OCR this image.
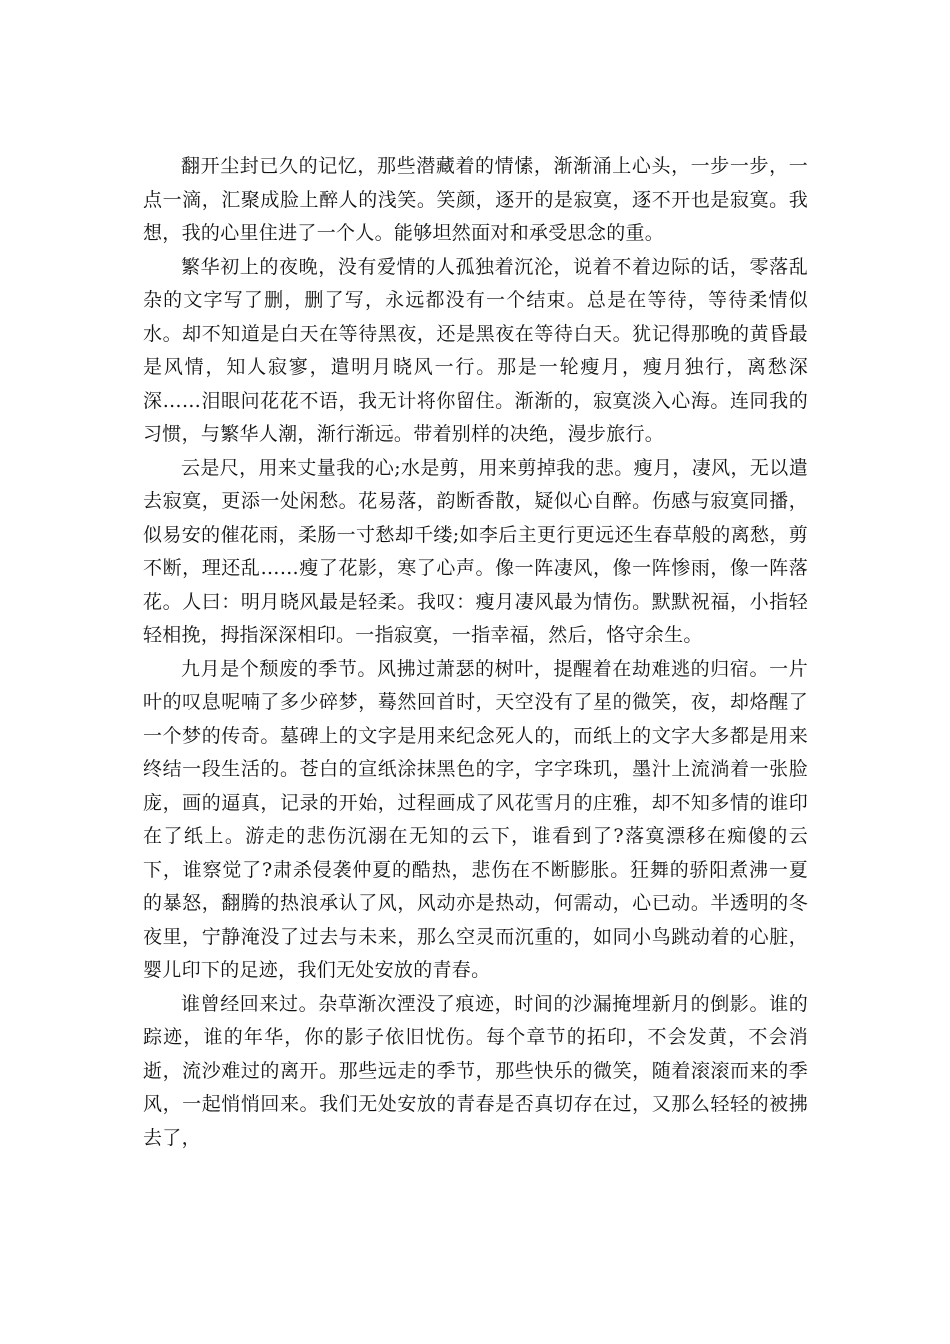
翻开尘封已久的记忆，那些潜藏着的情愫，渐渐涌上心头，一步一步，一点一滴，汇聚成脸上醉人的浅笑。笑颜，逐开的是寂寞，逐不开也是寂寞。我想，我的心里住进了一个人。能够坦然面对和承受思念的重。

繁华初上的夜晚，没有爱情的人孤独着沉沦，说着不着边际的话，零落乱杂的文字写了删，删了写，永远都没有一个结束。总是在等待，等待柔情似水。却不知道是白天在等待黑夜，还是黑夜在等待白天。犹记得那晚的黄昏最是风情，知人寂寥，遣明月晓风一行。那是一轮瘦月，瘦月独行，离愁深深……泪眼问花花不语，我无计将你留住。渐渐的，寂寞淡入心海。连同我的习惯，与繁华人潮，渐行渐远。带着别样的决绝，漫步旅行。

云是尺，用来丈量我的心;水是剪，用来剪掉我的悲。瘦月，凄风，无以遣去寂寞，更添一处闲愁。花易落，韵断香散，疑似心自醉。伤感与寂寞同播，似易安的催花雨，柔肠一寸愁却千缕;如李后主更行更远还生春草般的离愁，剪不断，理还乱……瘦了花影，寒了心声。像一阵凄风，像一阵惨雨，像一阵落花。人曰：明月晓风最是轻柔。我叹：瘦月凄风最为情伤。默默祝福，小指轻轻相挽，拇指深深相印。一指寂寞，一指幸福，然后，恪守余生。

九月是个颓废的季节。风拂过萧瑟的树叶，提醒着在劫难逃的归宿。一片叶的叹息呢喃了多少碎梦，蓦然回首时，天空没有了星的微笑，夜，却烙醒了一个梦的传奇。墓碑上的文字是用来纪念死人的，而纸上的文字大多都是用来终结一段生活的。苍白的宣纸涂抹黑色的字，字字珠玑，墨汁上流淌着一张脸庞，画的逼真，记录的开始，过程画成了风花雪月的庄雅，却不知多情的谁印在了纸上。游走的悲伤沉溺在无知的云下，谁看到了?落寞漂移在痴傻的云下，谁察觉了?肃杀侵袭仲夏的酷热，悲伤在不断膨胀。狂舞的骄阳煮沸一夏的暴怒，翻腾的热浪承认了风，风动亦是热动，何需动，心已动。半透明的冬夜里，宁静淹没了过去与未来，那么空灵而沉重的，如同小鸟跳动着的心脏，婴儿印下的足迹，我们无处安放的青春。

谁曾经回来过。杂草渐次湮没了痕迹，时间的沙漏掩埋新月的倒影。谁的踪迹，谁的年华，你的影子依旧忧伤。每个章节的拓印，不会发黄，不会消逝，流沙难过的离开。那些远走的季节，那些快乐的微笑，随着滚滚而来的季风，一起悄悄回来。我们无处安放的青春是否真切存在过，又那么轻轻的被拂去了，
